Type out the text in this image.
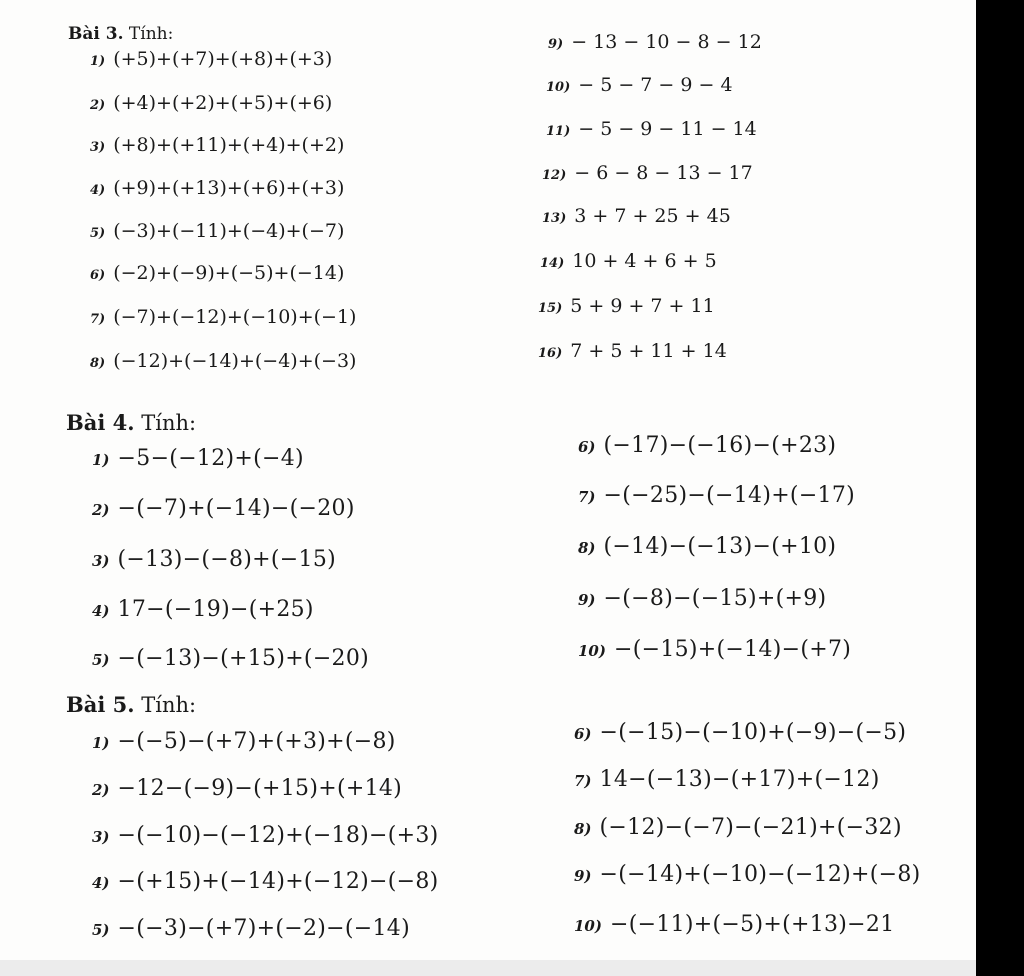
Bài 3. Tính:
1) (+5)+(+7)+(+8)+(+3)
2) (+4)+(+2)+(+5)+(+6)
3) (+8)+(+11)+(+4)+(+2)
4) (+9)+(+13)+(+6)+(+3)
5) (−3)+(−11)+(−4)+(−7)
6) (−2)+(−9)+(−5)+(−14)
7) (−7)+(−12)+(−10)+(−1)
8) (−12)+(−14)+(−4)+(−3)
9) − 13 − 10 − 8 − 12
10) − 5 − 7 − 9 − 4
11) − 5 − 9 − 11 − 14
12) − 6 − 8 − 13 − 17
13) 3 + 7 + 25 + 45
14) 10 + 4 + 6 + 5
15) 5 + 9 + 7 + 11
16) 7 + 5 + 11 + 14
Bài 4. Tính:
1) −5−(−12)+(−4)
2) −(−7)+(−14)−(−20)
3) (−13)−(−8)+(−15)
4) 17−(−19)−(+25)
5) −(−13)−(+15)+(−20)
6) (−17)−(−16)−(+23)
7) −(−25)−(−14)+(−17)
8) (−14)−(−13)−(+10)
9) −(−8)−(−15)+(+9)
10) −(−15)+(−14)−(+7)
Bài 5. Tính:
1) −(−5)−(+7)+(+3)+(−8)
2) −12−(−9)−(+15)+(+14)
3) −(−10)−(−12)+(−18)−(+3)
4) −(+15)+(−14)+(−12)−(−8)
5) −(−3)−(+7)+(−2)−(−14)
6) −(−15)−(−10)+(−9)−(−5)
7) 14−(−13)−(+17)+(−12)
8) (−12)−(−7)−(−21)+(−32)
9) −(−14)+(−10)−(−12)+(−8)
10) −(−11)+(−5)+(+13)−21
